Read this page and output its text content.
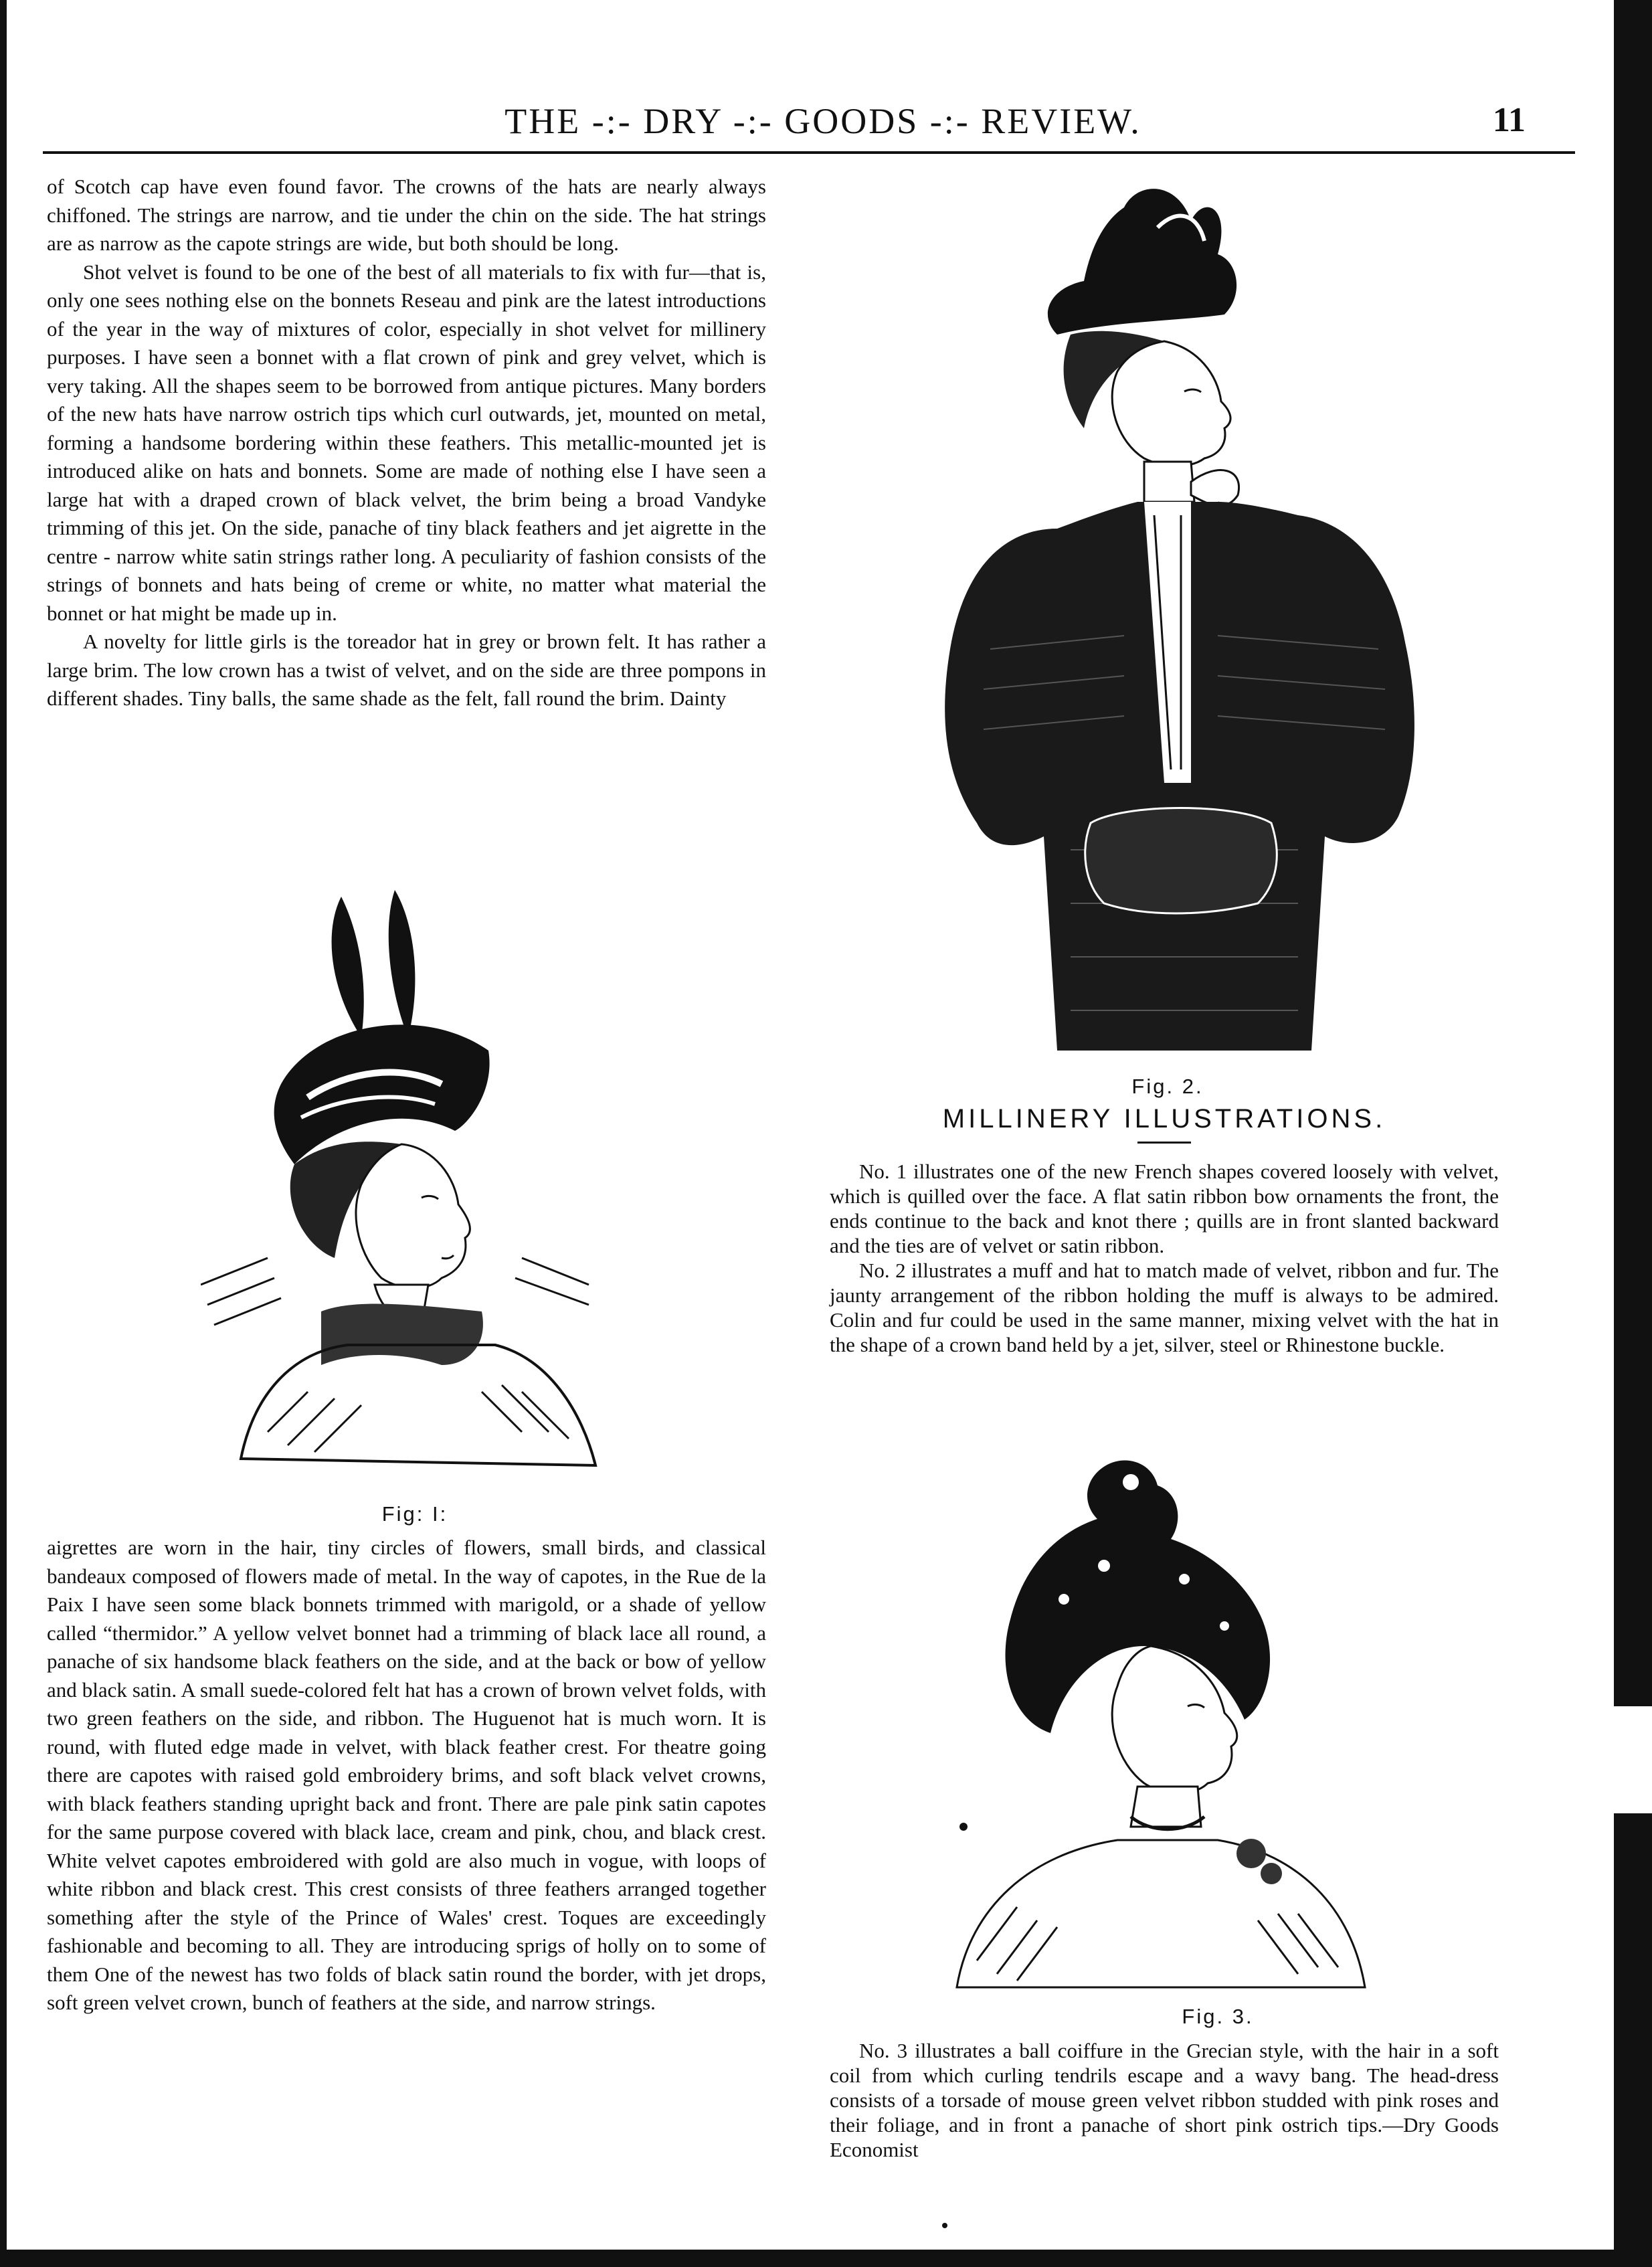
THE -:- DRY -:- GOODS -:- REVIEW.	11

of Scotch cap have even found favor. The crowns of the hats are nearly always chiffoned. The strings are narrow, and tie under the chin on the side. The hat strings are as narrow as the capote strings are wide, but both should be long.

Shot velvet is found to be one of the best of all materials to fix with fur—that is, only one sees nothing else on the bonnets Reseau and pink are the latest introductions of the year in the way of mixtures of color, especially in shot velvet for millinery purposes. I have seen a bonnet with a flat crown of pink and grey velvet, which is very taking. All the shapes seem to be borrowed from antique pictures. Many borders of the new hats have narrow ostrich tips which curl outwards, jet, mounted on metal, forming a handsome bordering within these feathers. This metallic-mounted jet is introduced alike on hats and bonnets. Some are made of nothing else I have seen a large hat with a draped crown of black velvet, the brim being a broad Vandyke trimming of this jet. On the side, panache of tiny black feathers and jet aigrette in the centre - narrow white satin strings rather long. A peculiarity of fashion consists of the strings of bonnets and hats being of creme or white, no matter what material the bonnet or hat might be made up in.

A novelty for little girls is the toreador hat in grey or brown felt. It has rather a large brim. The low crown has a twist of velvet, and on the side are three pompons in different shades. Tiny balls, the same shade as the felt, fall round the brim. Dainty

Fig: I:

aigrettes are worn in the hair, tiny circles of flowers, small birds, and classical bandeaux composed of flowers made of metal. In the way of capotes, in the Rue de la Paix I have seen some black bonnets trimmed with marigold, or a shade of yellow called “thermidor.” A yellow velvet bonnet had a trimming of black lace all round, a panache of six handsome black feathers on the side, and at the back or bow of yellow and black satin. A small suede-colored felt hat has a crown of brown velvet folds, with two green feathers on the side, and ribbon. The Huguenot hat is much worn. It is round, with fluted edge made in velvet, with black feather crest. For theatre going there are capotes with raised gold embroidery brims, and soft black velvet crowns, with black feathers standing upright back and front. There are pale pink satin capotes for the same purpose covered with black lace, cream and pink, chou, and black crest. White velvet capotes embroidered with gold are also much in vogue, with loops of white ribbon and black crest. This crest consists of three feathers arranged together something after the style of the Prince of Wales' crest. Toques are exceedingly fashionable and becoming to all. They are introducing sprigs of holly on to some of them One of the newest has two folds of black satin round the border, with jet drops, soft green velvet crown, bunch of feathers at the side, and narrow strings.

Fig. 2.
MILLINERY ILLUSTRATIONS.

No. 1 illustrates one of the new French shapes covered loosely with velvet, which is quilled over the face. A flat satin ribbon bow ornaments the front, the ends continue to the back and knot there ; quills are in front slanted backward and the ties are of velvet or satin ribbon.

No. 2 illustrates a muff and hat to match made of velvet, ribbon and fur. The jaunty arrangement of the ribbon holding the muff is always to be admired. Colin and fur could be used in the same manner, mixing velvet with the hat in the shape of a crown band held by a jet, silver, steel or Rhinestone buckle.

Fig. 3.

No. 3 illustrates a ball coiffure in the Grecian style, with the hair in a soft coil from which curling tendrils escape and a wavy bang. The head-dress consists of a torsade of mouse green velvet ribbon studded with pink roses and their foliage, and in front a panache of short pink ostrich tips.—Dry Goods Economist
